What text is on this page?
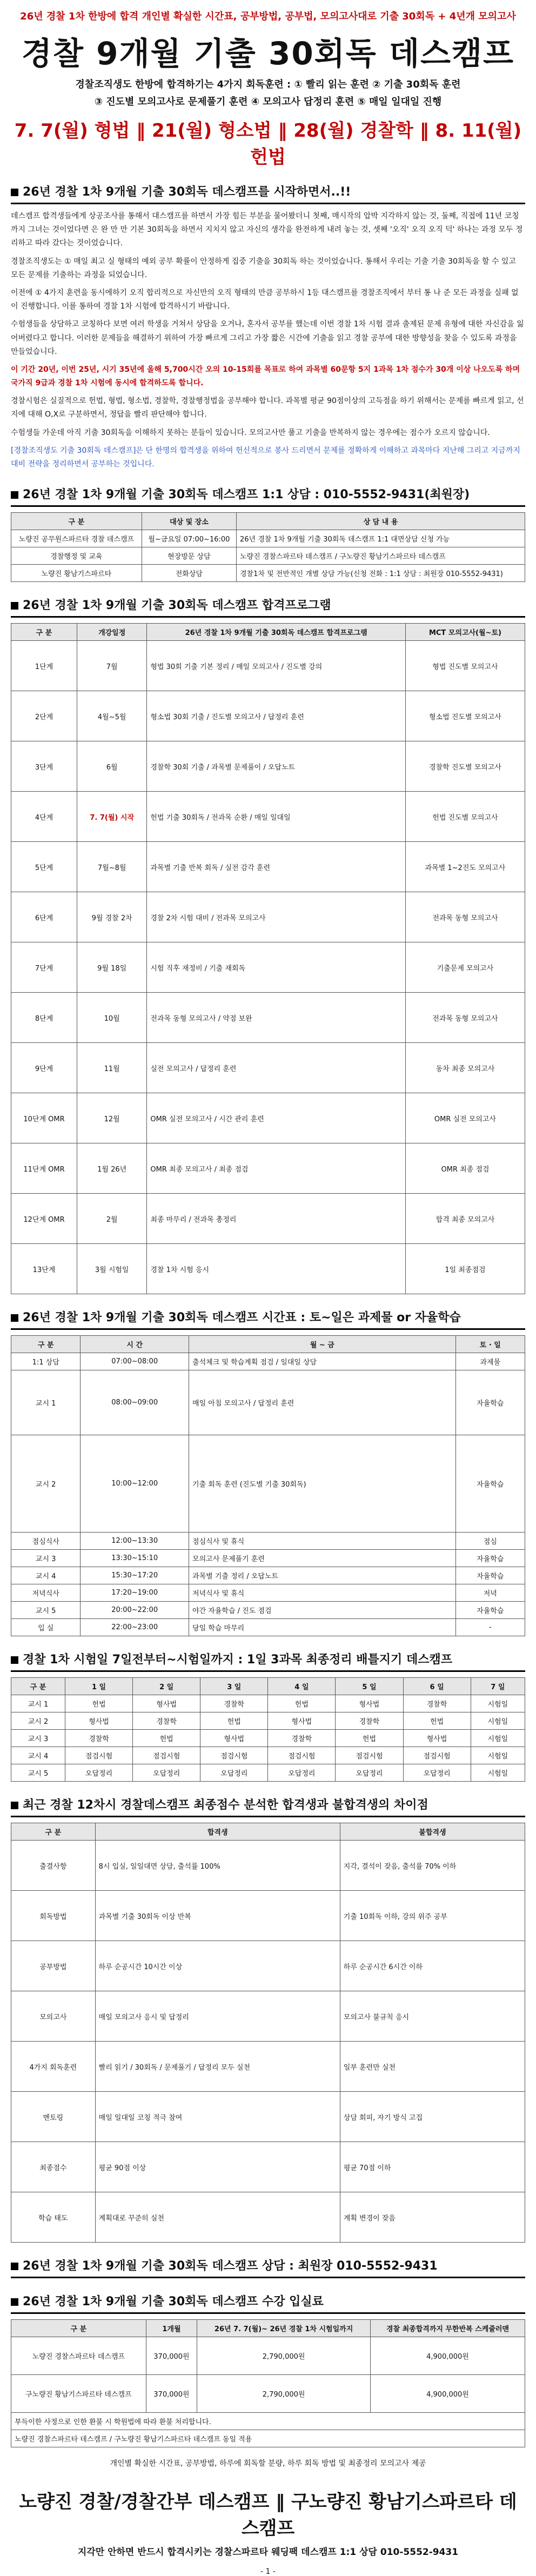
26년 경찰 1차 한방에 합격 개인별 확실한 시간표, 공부방법, 공부법, 모의고사대로 기출 30회독 + 4년개 모의고사
경찰 9개월 기출 30회독 데스캠프
경찰조직생도 한방에 합격하기는 4가지 회독훈련 : ① 빨리 읽는 훈련 ② 기출 30회독 훈련
③ 진도별 모의고사로 문제풀기 훈련 ④ 모의고사 답정리 훈련 ⑤ 매일 일대일 진행
7. 7(월) 형법 ‖ 21(월) 형소법 ‖ 28(월) 경찰학 ‖ 8. 11(월) 헌법
26년 경찰 1차 9개월 기출 30회독 데스캠프를 시작하면서..!!
데스캠프 합격생들에게 상공조사를 통해서 대스캠프를 하면서 가장 힘든 부분을 물어봤더니 첫째, 매시작의 압박 지각하지 않는 것, 둘째, 직접에 11년 코칭까지 그녀는 것이었다면 은 완 만 만 기본 30회독을 하면서 지치지 않고 자신의 생각을 완전하게 내려 놓는 것, 셋째 '오직' 오직 오직 덕' 하나는 과정 모두 정리하고 따라 갔다는 것이었습니다.
경찰조직생도는 ① 매일 최고 실 형태의 예외 공부 확률이 안정하게 집중 기출을 30회독 하는 것이었습니다. 통해서 우리는 기출 기출 30회독을 할 수 있고 모든 문제를 기출하는 과정을 되었습니다.
이전에 ① 4가지 훈련을 동시에하기 오직 합리적으로 자신만의 오직 형태의 만큼 공부하시 1등 대스캠프를 경찰조직에서 부터 통 나 준 모든 과정을 실패 없이 진행합니다. 이를 통하여 경찰 1차 시험에 합격하시기 바랍니다.
수험생들을 상담하고 코칭하다 보면 여러 학생을 거쳐서 상담을 오거나, 혼자서 공부를 했는데 이번 경찰 1차 시험 결과 출제된 문제 유형에 대한 자신감을 잃어버렸다고 합니다. 이러한 문제들을 해결하기 위하여 가장 빠르게 그리고 가장 짧은 시간에 기출을 읽고 경찰 공부에 대한 방향성을 찾을 수 있도록 과정을 만들었습니다.
이 기간 20년, 이번 25년, 시기 35년에 올해 5,700시간 오의 10-15회를 목표로 하여 과목별 60문항 5지 1과목 1차 점수가 30개 이상 나오도록 하며 국가직 9급과 경찰 1차 시험에 동시에 합격하도록 합니다.
경찰시험은 실질적으로 헌법, 형법, 형소법, 경찰학, 경찰행정법을 공부해야 합니다. 과목별 평균 90점이상의 고득점을 하기 위해서는 문제를 빠르게 읽고, 선지에 대해 O,X로 구분하면서, 정답을 빨리 판단해야 합니다.
수험생들 가운데 아직 기출 30회독을 이해하지 못하는 분들이 있습니다. 모의고사만 풀고 기출을 반복하지 않는 경우에는 점수가 오르지 않습니다.
[경찰조직생도 기출 30회독 데스캠프]은 단 한명의 합격생을 위하여 헌신적으로 봉사 드리면서 문제를 정확하게 이해하고 과목마다 지난해 그리고 지금까지 대비 전략을 정리하면서 공부하는 것입니다.
26년 경찰 1차 9개월 기출 30회독 데스캠프 1:1 상담 : 010-5552-9431(최원장)
구 분	대상 및 장소	상 담 내 용
노량진 공무원스파르타 경찰 데스캠프	월~금요일 07:00~16:00	26년 경찰 1차 9개월 기출 30회독 데스캠프 1:1 대면상담 신청 가능
경찰행정 및 교육	현장방문 상담	노량진 경찰스파르타 데스캠프 / 구노량진 황남기스파르타 데스캠프
노량진 황남기스파르타	전화상담	경찰1차 및 전반적인 개별 상담 가능(신청 전화 : 1:1 상담 : 최원장 010-5552-9431)
26년 경찰 1차 9개월 기출 30회독 데스캠프 합격프로그램
구 분	개강일정	26년 경찰 1차 9개월 기출 30회독 데스캠프 합격프로그램	MCT 모의고사(월~토)
1단계	7월	형법 30회 기출 기본 정리 / 매일 모의고사 / 진도별 강의	형법 진도별 모의고사
2단계	4월~5월	형소법 30회 기출 / 진도별 모의고사 / 답정리 훈련	형소법 진도별 모의고사
3단계	6월	경찰학 30회 기출 / 과목별 문제풀이 / 오답노트	경찰학 진도별 모의고사
4단계	7. 7(월) 시작	헌법 기출 30회독 / 전과목 순환 / 매일 일대일	헌법 진도별 모의고사
5단계	7월~8월	과목별 기출 반복 회독 / 실전 감각 훈련	과목별 1~2진도 모의고사
6단계	9월 경찰 2차	경찰 2차 시험 대비 / 전과목 모의고사	전과목 동형 모의고사
7단계	9월 18일	시험 직후 재정비 / 기출 재회독	기출문제 모의고사
8단계	10월	전과목 동형 모의고사 / 약점 보완	전과목 동형 모의고사
9단계	11월	실전 모의고사 / 답정리 훈련	동차 최종 모의고사
10단계 OMR	12월	OMR 실전 모의고사 / 시간 관리 훈련	OMR 실전 모의고사
11단계 OMR	1월 26년	OMR 최종 모의고사 / 최종 점검	OMR 최종 점검
12단계 OMR	2월	최종 마무리 / 전과목 총정리	합격 최종 모의고사
13단계	3월 시험일	경찰 1차 시험 응시	1일 최종점검
26년 경찰 1차 9개월 기출 30회독 데스캠프 시간표 : 토~일은 과제물 or 자율학습
구 분	시 간	월 ~ 금	토 · 일
1:1 상담	07:00~08:00	출석체크 및 학습계획 점검 / 일대일 상담	과제물
교시 1	08:00~09:00	매일 아침 모의고사 / 답정리 훈련	자율학습
교시 2	10:00~12:00	기출 회독 훈련 (진도별 기출 30회독)	자율학습
점심식사	12:00~13:30	점심식사 및 휴식	점심
교시 3	13:30~15:10	모의고사 문제풀기 훈련	자율학습
교시 4	15:30~17:20	과목별 기출 정리 / 오답노트	자율학습
저녁식사	17:20~19:00	저녁식사 및 휴식	저녁
교시 5	20:00~22:00	야간 자율학습 / 진도 점검	자율학습
입 실	22:00~23:00	당일 학습 마무리	-
경찰 1차 시험일 7일전부터~시험일까지 : 1일 3과목 최종정리 배틀지기 데스캠프
구 분	1 일	2 일	3 일	4 일	5 일	6 일	7 일
교시 1	헌법	형사법	경찰학	헌법	형사법	경찰학	시험일
교시 2	형사법	경찰학	헌법	형사법	경찰학	헌법	시험일
교시 3	경찰학	헌법	형사법	경찰학	헌법	형사법	시험일
교시 4	점검시험	점검시험	점검시험	점검시험	점검시험	점검시험	시험일
교시 5	오답정리	오답정리	오답정리	오답정리	오답정리	오답정리	시험일
최근 경찰 12차시 경찰데스캠프 최종점수 분석한 합격생과 불합격생의 차이점
구 분	합격생	불합격생
출결사항	8시 입실, 일일대면 상담, 출석률 100%	지각, 결석이 잦음, 출석률 70% 이하
회독방법	과목별 기출 30회독 이상 반복	기출 10회독 이하, 강의 위주 공부
공부방법	하루 순공시간 10시간 이상	하루 순공시간 6시간 이하
모의고사	매일 모의고사 응시 및 답정리	모의고사 불규칙 응시
4가지 회독훈련	빨리 읽기 / 30회독 / 문제풀기 / 답정리 모두 실천	일부 훈련만 실천
멘토링	매일 일대일 코칭 적극 참여	상담 회피, 자기 방식 고집
최종점수	평균 90점 이상	평균 70점 이하
학습 태도	계획대로 꾸준히 실천	계획 변경이 잦음
26년 경찰 1차 9개월 기출 30회독 데스캠프 상담 : 최원장 010-5552-9431
26년 경찰 1차 9개월 기출 30회독 데스캠프 수강 입실료
구 분	1개월	26년 7. 7(월)~ 26년 경찰 1차 시험일까지	경찰 최종합격까지 무한반복 스케쥴러맨
노량진 경찰스파르타 데스캠프	370,000원	2,790,000원	4,900,000원
구노량진 황남기스파르타 데스캠프	370,000원	2,790,000원	4,900,000원
부득이한 사정으로 인한 환불 시 학원법에 따라 환불 처리합니다.			
노량진 경찰스파르타 데스캠프 / 구노량진 황남기스파르타 데스캠프 동일 적용			
개인별 확실한 시간표, 공부방법, 하루에 회독할 분량, 하루 회독 방법 및 최종정리 모의고사 제공
노량진 경찰/경찰간부 데스캠프 ‖ 구노량진 황남기스파르타 데스캠프
지각만 안하면 반드시 합격시키는 경찰스파르타 웨딩팩 데스캠프 1:1 상담 010-5552-9431
- 1 -
